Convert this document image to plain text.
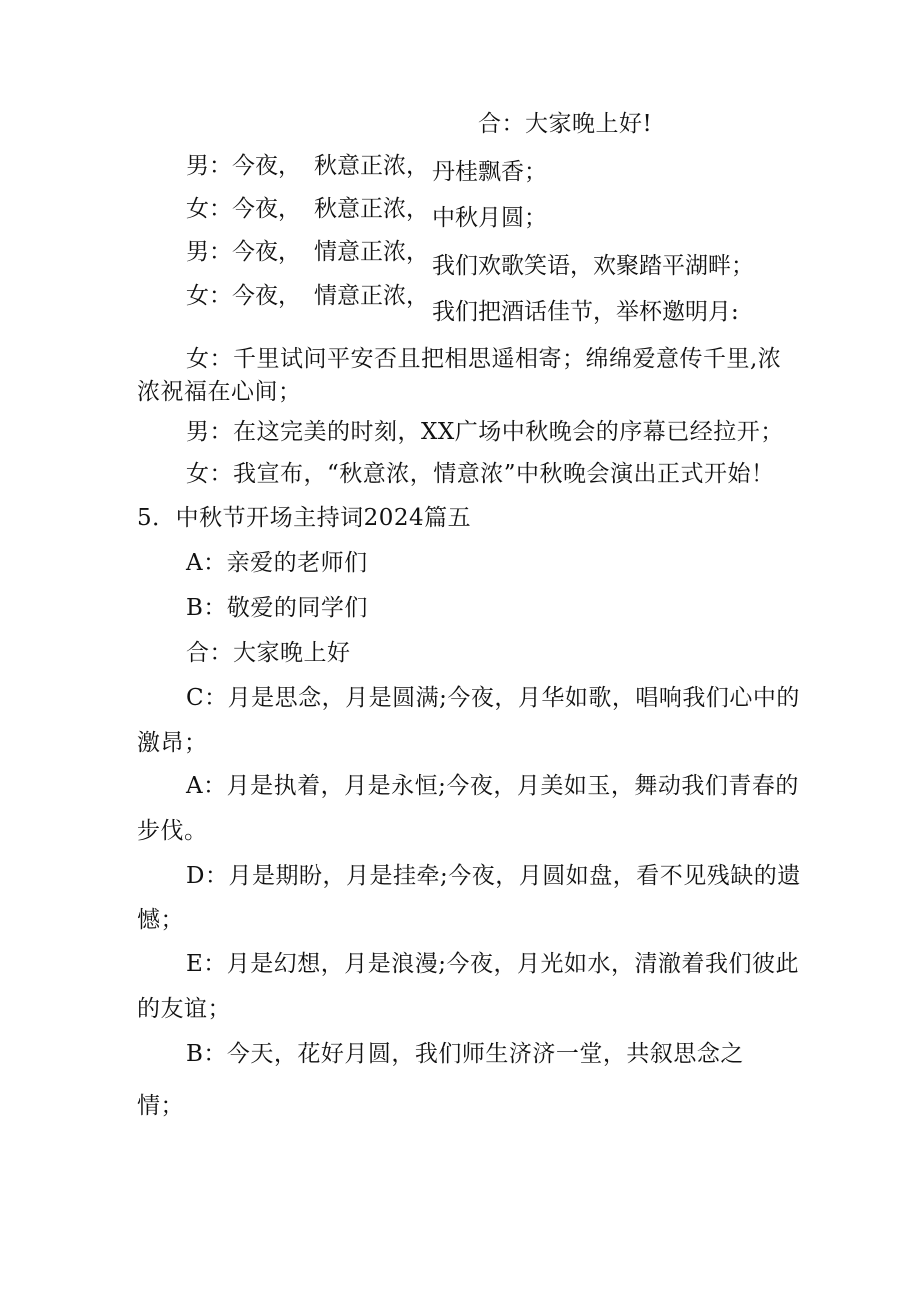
合：大家晚上好!
男：今夜， 秋意正浓， 丹桂飘香；
女：今夜， 秋意正浓， 中秋月圆；
男：今夜， 情意正浓，
我们欢歌笑语，欢聚踏平湖畔；
女：今夜， 情意正浓，
我们把酒话佳节，举杯邀明月:
女：千里试问平安否且把相思遥相寄；绵绵爱意传千里,浓
浓祝福在心间；
男：在这完美的时刻，XX广场中秋晚会的序幕已经拉开；
女：我宣布，“秋意浓，情意浓”中秋晚会演出正式开始！
5．中秋节开场主持词2024篇五
A：亲爱的老师们
B：敬爱的同学们
合：大家晚上好
C：月是思念，月是圆满;今夜，月华如歌，唱响我们心中的
激昂；
A：月是执着，月是永恒;今夜，月美如玉，舞动我们青春的
步伐。
D：月是期盼，月是挂牵;今夜，月圆如盘，看不见残缺的遗
憾；
E：月是幻想，月是浪漫;今夜，月光如水，清澈着我们彼此
的友谊；
B：今天，花好月圆，我们师生济济一堂，共叙思念之
情；
